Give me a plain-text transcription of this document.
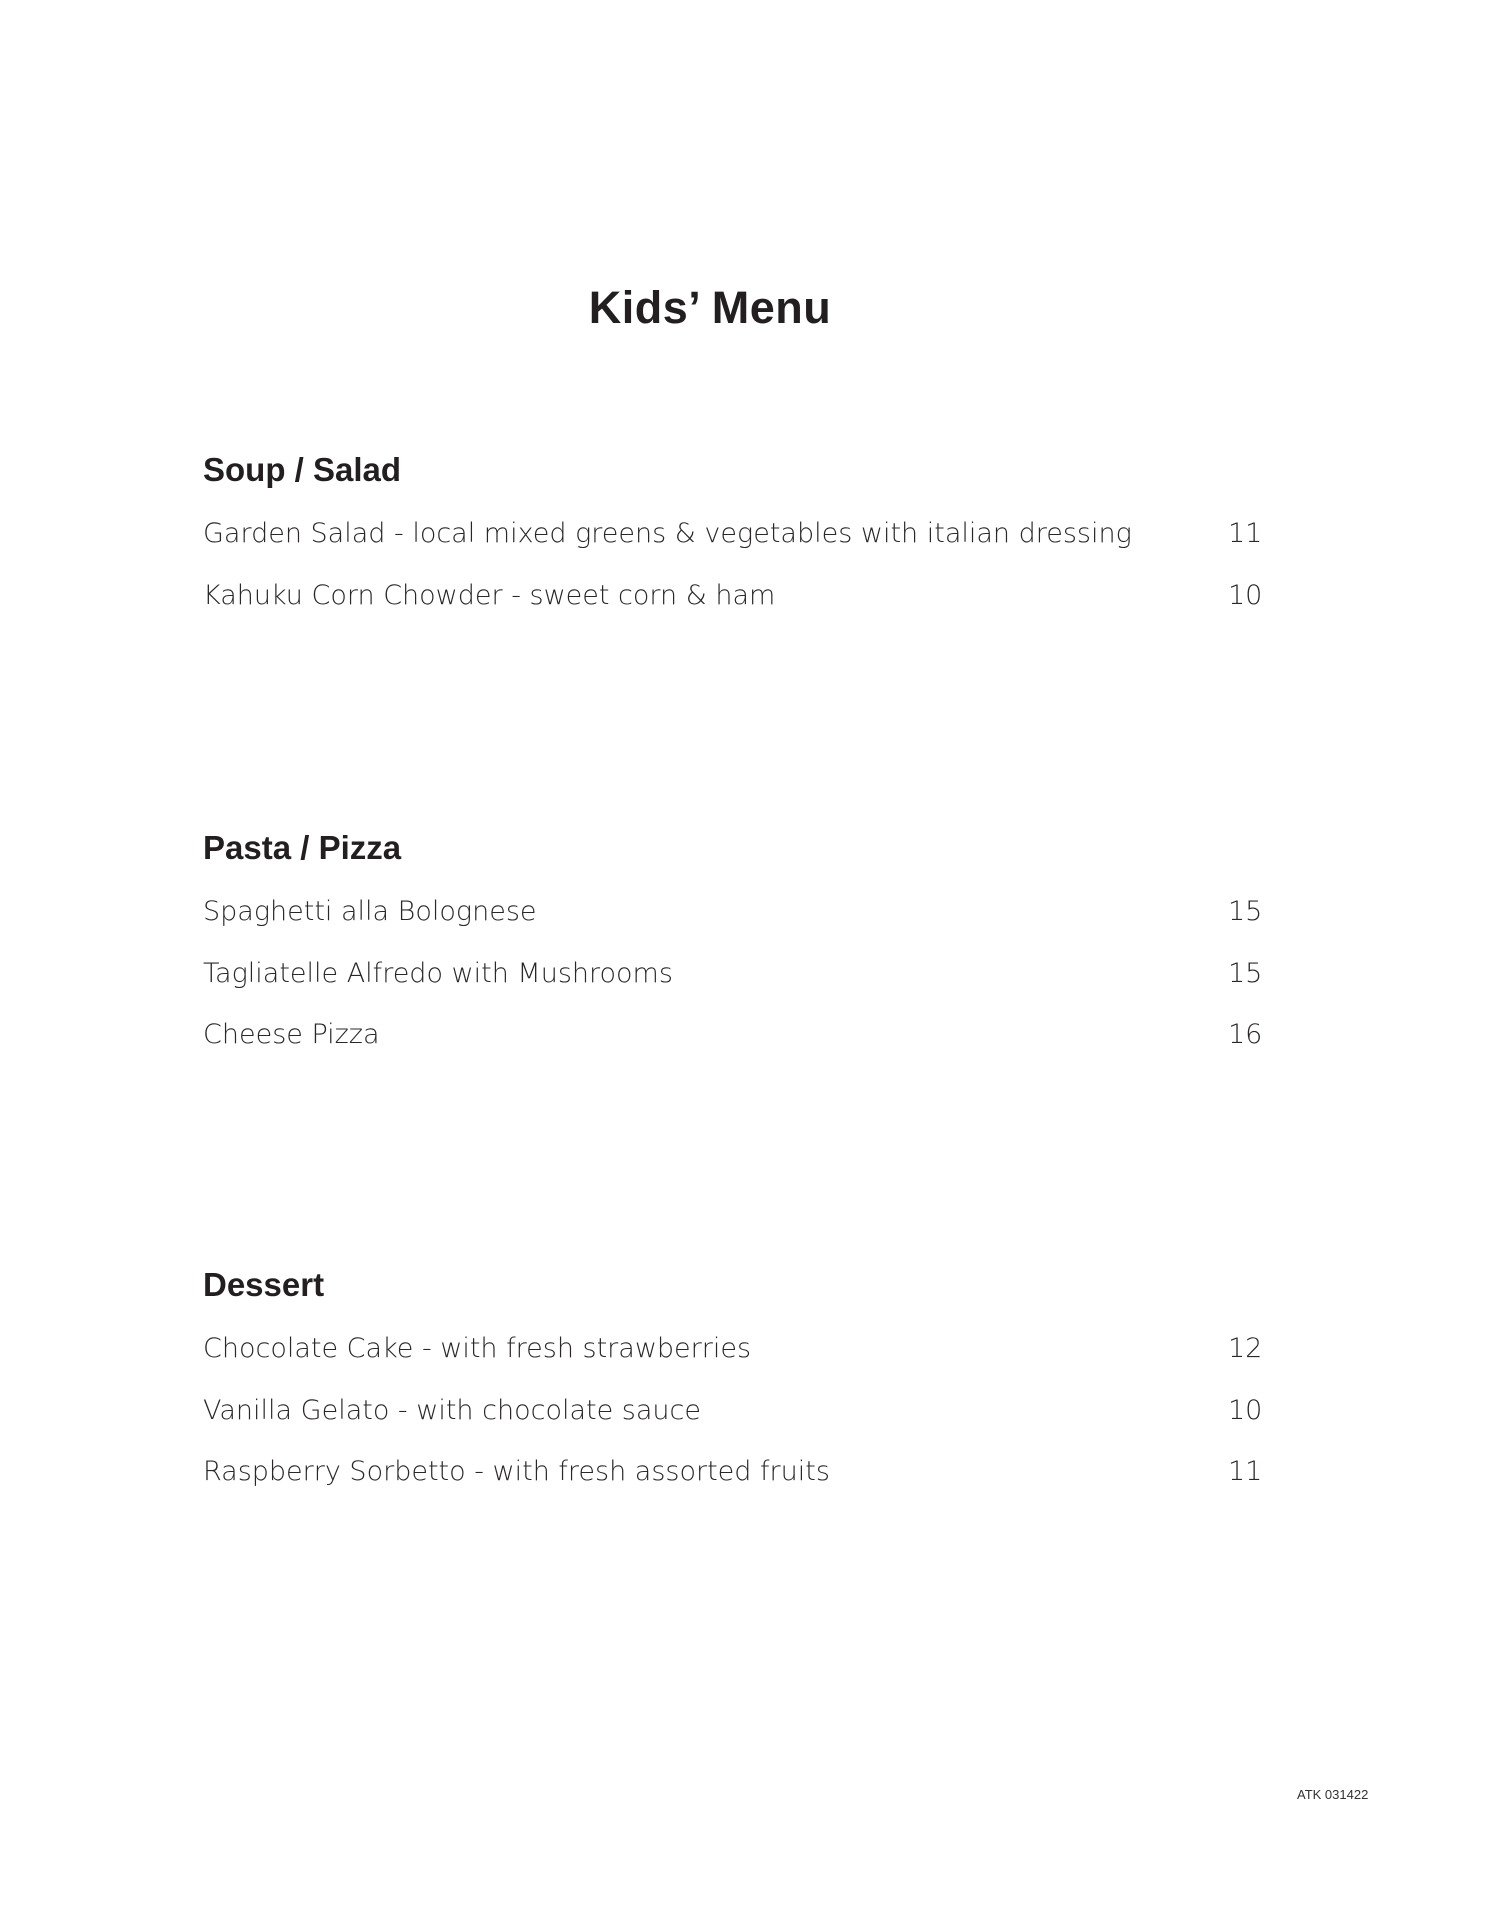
Kids’ Menu
Soup / Salad
Garden Salad - local mixed greens & vegetables with italian dressing	11
Kahuku Corn Chowder - sweet corn & ham	10
Pasta / Pizza
Spaghetti alla Bolognese	15
Tagliatelle Alfredo with Mushrooms	15
Cheese Pizza	16
Dessert
Chocolate Cake - with fresh strawberries	12
Vanilla Gelato - with chocolate sauce	10
Raspberry Sorbetto - with fresh assorted fruits	11
ATK 031422
